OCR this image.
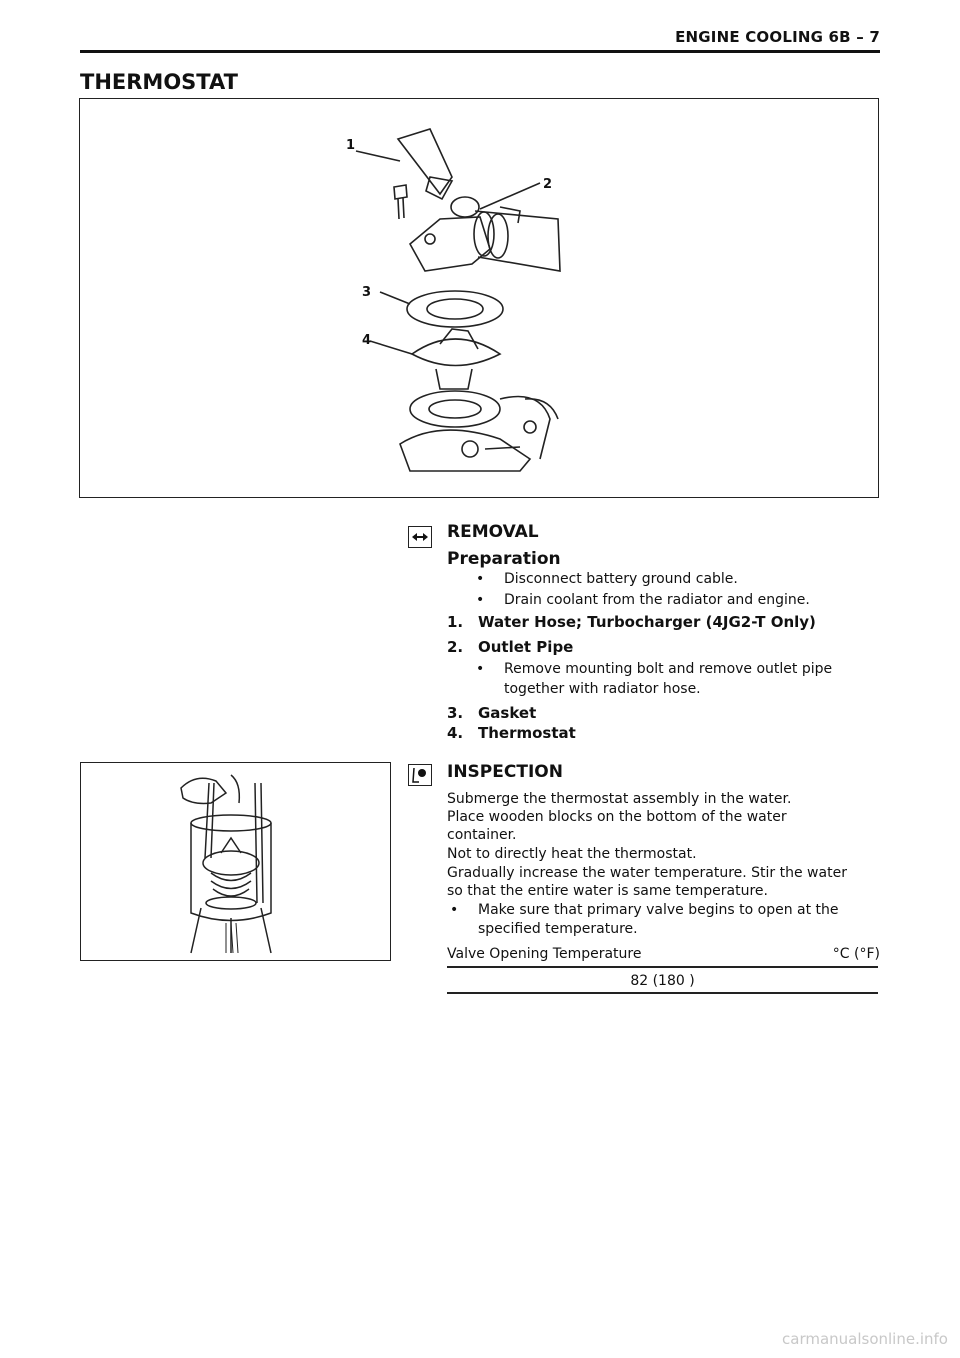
ENGINE COOLING 6B – 7
THERMOSTAT
1
2
3
4
REMOVAL
Preparation
• Disconnect battery ground cable.
• Drain coolant from the radiator and engine.
1. Water Hose; Turbocharger (4JG2-T Only)
2. Outlet Pipe
• Remove mounting bolt and remove outlet pipe
together with radiator hose.
3. Gasket
4. Thermostat
INSPECTION
Submerge the thermostat assembly in the water.
Place wooden blocks on the bottom of the water
container.
Not to directly heat the thermostat.
Gradually increase the water temperature. Stir the water
so that the entire water is same temperature.
• Make sure that primary valve begins to open at the
specified temperature.
Valve Opening Temperature	°C (°F)
82 (180 )
carmanualsonline.info
